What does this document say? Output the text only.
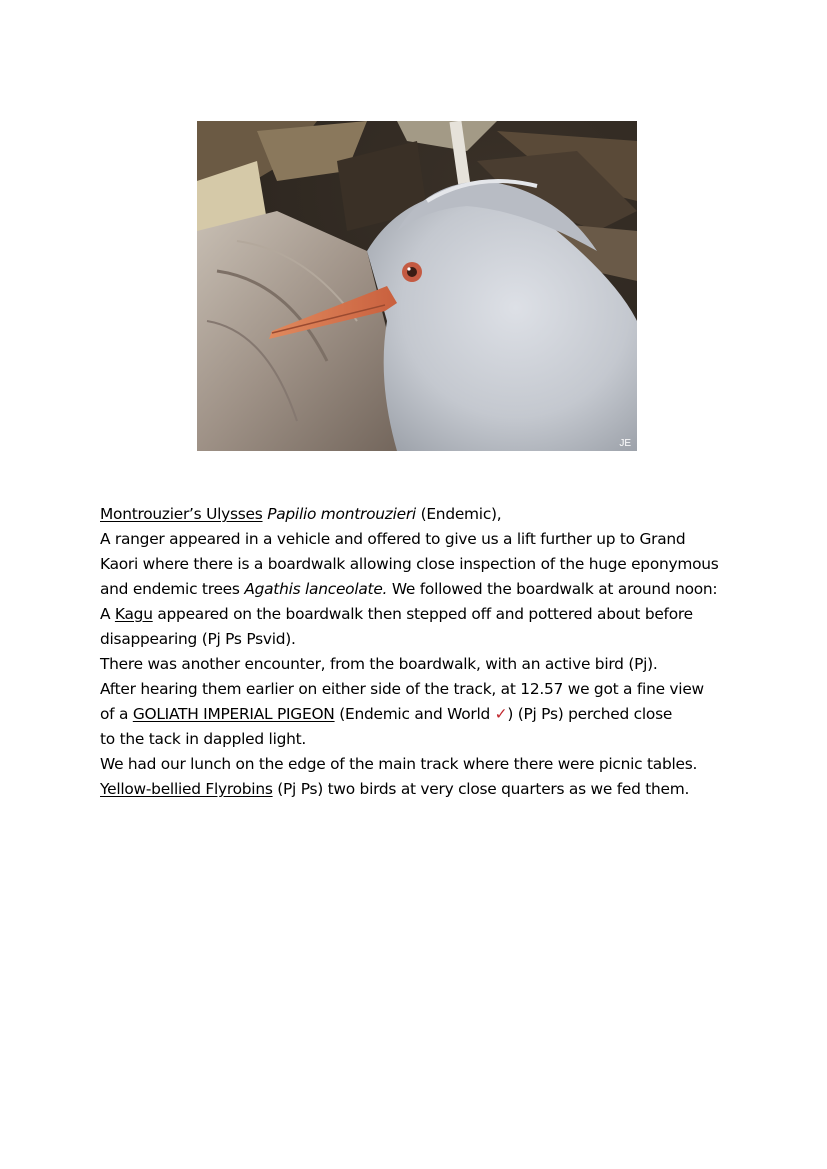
JE
Montrouzier’s Ulysses Papilio montrouzieri (Endemic),
A ranger appeared in a vehicle and offered to give us a lift further up to Grand
Kaori where there is a boardwalk allowing close inspection of the huge eponymous
and endemic trees Agathis lanceolate. We followed the boardwalk at around noon:
A Kagu appeared on the boardwalk then stepped off and pottered about before
disappearing (Pj Ps Psvid).
There was another encounter, from the boardwalk, with an active bird (Pj).
After hearing them earlier on either side of the track, at 12.57 we got a fine view
of a GOLIATH IMPERIAL PIGEON (Endemic and World ✓) (Pj Ps) perched close
to the tack in dappled light.
We had our lunch on the edge of the main track where there were picnic tables.
Yellow-bellied Flyrobins (Pj Ps) two birds at very close quarters as we fed them.
